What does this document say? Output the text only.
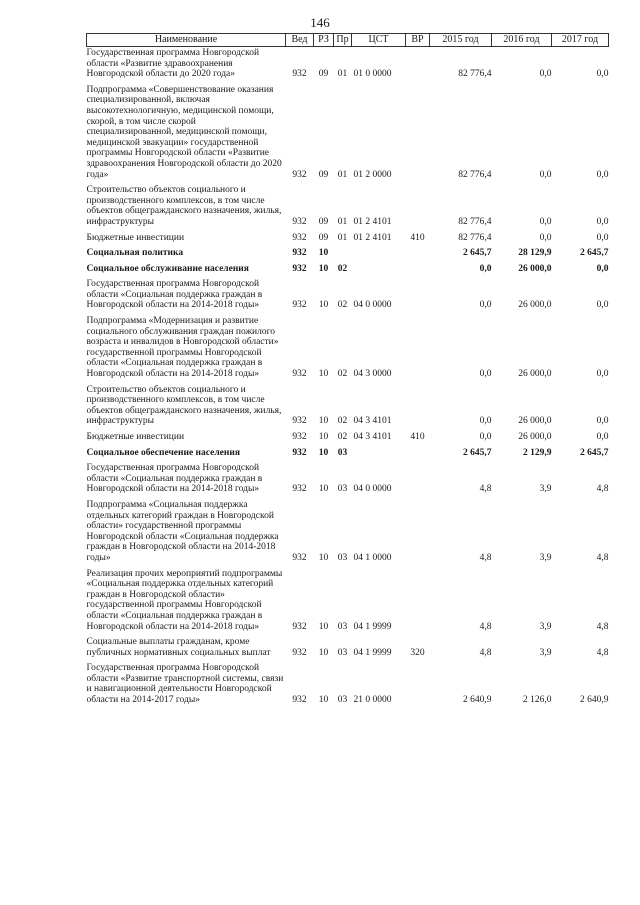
146
Наименование	Вед	РЗ	Пр	ЦСТ	ВР	2015 год	2016 год	2017 год
Государственная программа Новгородской области «Развитие здравоохранения Новгородской области до 2020 года»	932	09	01	01 0 0000		82 776,4	0,0	0,0
Подпрограмма «Совершенствование оказания специализированной, включая высокотехнологичную, медицинской помощи, скорой, в том числе скорой специализированной, медицинской помощи, медицинской эвакуации» государственной программы Новгородской области «Развитие здравоохранения Новгородской области до 2020 года»	932	09	01	01 2 0000		82 776,4	0,0	0,0
Строительство объектов социального и производственного комплексов, в том числе объектов общегражданского назначения, жилья, инфраструктуры	932	09	01	01 2 4101		82 776,4	0,0	0,0
Бюджетные инвестиции	932	09	01	01 2 4101	410	82 776,4	0,0	0,0
Социальная политика	932	10				2 645,7	28 129,9	2 645,7
Социальное обслуживание населения	932	10	02			0,0	26 000,0	0,0
Государственная программа Новгородской области «Социальная поддержка граждан в Новгородской области на 2014-2018 годы»	932	10	02	04 0 0000		0,0	26 000,0	0,0
Подпрограмма «Модернизация и развитие социального обслуживания граждан пожилого возраста и инвалидов в Новгородской области» государственной программы Новгородской области «Социальная поддержка граждан в Новгородской области на 2014-2018 годы»	932	10	02	04 3 0000		0,0	26 000,0	0,0
Строительство объектов социального и производственного комплексов, в том числе объектов общегражданского назначения, жилья, инфраструктуры	932	10	02	04 3 4101		0,0	26 000,0	0,0
Бюджетные инвестиции	932	10	02	04 3 4101	410	0,0	26 000,0	0,0
Социальное обеспечение населения	932	10	03			2 645,7	2 129,9	2 645,7
Государственная программа Новгородской области «Социальная поддержка граждан в Новгородской области на 2014-2018 годы»	932	10	03	04 0 0000		4,8	3,9	4,8
Подпрограмма «Социальная поддержка отдельных категорий граждан в Новгородской области» государственной программы Новгородской области «Социальная поддержка граждан в Новгородской области на 2014-2018 годы»	932	10	03	04 1 0000		4,8	3,9	4,8
Реализация прочих мероприятий подпрограммы «Социальная поддержка отдельных категорий граждан в Новгородской области» государственной программы Новгородской области «Социальная поддержка граждан в Новгородской области на 2014-2018 годы»	932	10	03	04 1 9999		4,8	3,9	4,8
Социальные выплаты гражданам, кроме публичных нормативных социальных выплат	932	10	03	04 1 9999	320	4,8	3,9	4,8
Государственная программа Новгородской области «Развитие транспортной системы, связи и навигационной деятельности Новгородской области на 2014-2017 годы»	932	10	03	21 0 0000		2 640,9	2 126,0	2 640,9
